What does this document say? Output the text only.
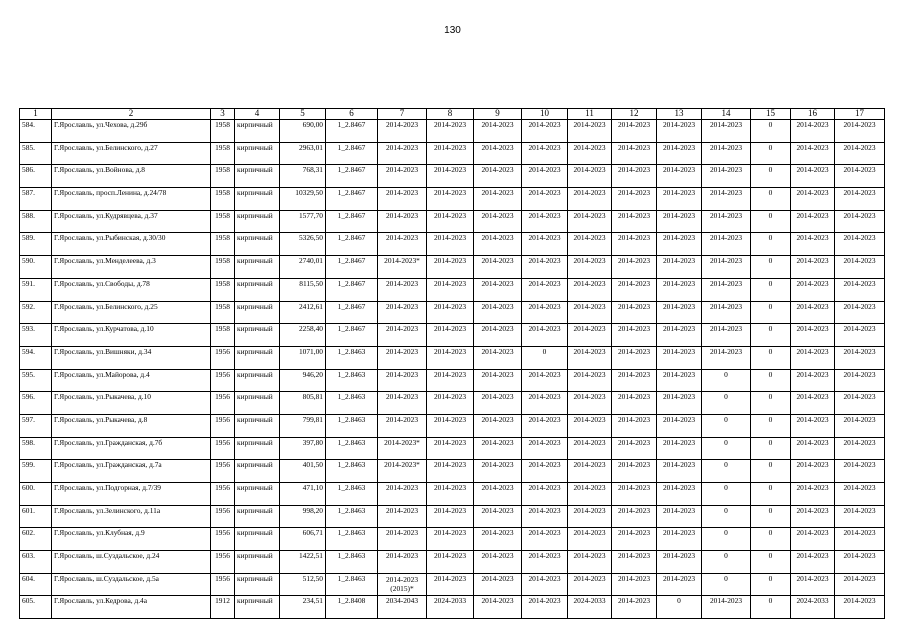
130
1	2	3	4	5	6	7	8	9	10	11	12	13	14	15	16	17
584.	Г.Ярославль, ул.Чехова, д.29б	1958	кирпичный	690,00	1_2.8467	2014-2023	2014-2023	2014-2023	2014-2023	2014-2023	2014-2023	2014-2023	2014-2023	0	2014-2023	2014-2023
585.	Г.Ярославль, ул.Белинского, д.27	1958	кирпичный	2963,01	1_2.8467	2014-2023	2014-2023	2014-2023	2014-2023	2014-2023	2014-2023	2014-2023	2014-2023	0	2014-2023	2014-2023
586.	Г.Ярославль, ул.Войнова, д.8	1958	кирпичный	768,31	1_2.8467	2014-2023	2014-2023	2014-2023	2014-2023	2014-2023	2014-2023	2014-2023	2014-2023	0	2014-2023	2014-2023
587.	Г.Ярославль, просп.Ленина, д.24/78	1958	кирпичный	10329,50	1_2.8467	2014-2023	2014-2023	2014-2023	2014-2023	2014-2023	2014-2023	2014-2023	2014-2023	0	2014-2023	2014-2023
588.	Г.Ярославль, ул.Кудрявцева, д.37	1958	кирпичный	1577,70	1_2.8467	2014-2023	2014-2023	2014-2023	2014-2023	2014-2023	2014-2023	2014-2023	2014-2023	0	2014-2023	2014-2023
589.	Г.Ярославль, ул.Рыбинская, д.30/30	1958	кирпичный	5326,50	1_2.8467	2014-2023	2014-2023	2014-2023	2014-2023	2014-2023	2014-2023	2014-2023	2014-2023	0	2014-2023	2014-2023
590.	Г.Ярославль, ул.Менделеева, д.3	1958	кирпичный	2740,01	1_2.8467	2014-2023*	2014-2023	2014-2023	2014-2023	2014-2023	2014-2023	2014-2023	2014-2023	0	2014-2023	2014-2023
591.	Г.Ярославль, ул.Свободы, д.78	1958	кирпичный	8115,50	1_2.8467	2014-2023	2014-2023	2014-2023	2014-2023	2014-2023	2014-2023	2014-2023	2014-2023	0	2014-2023	2014-2023
592.	Г.Ярославль, ул.Белинского, д.25	1958	кирпичный	2412,61	1_2.8467	2014-2023	2014-2023	2014-2023	2014-2023	2014-2023	2014-2023	2014-2023	2014-2023	0	2014-2023	2014-2023
593.	Г.Ярославль, ул.Курчатова, д.10	1958	кирпичный	2258,40	1_2.8467	2014-2023	2014-2023	2014-2023	2014-2023	2014-2023	2014-2023	2014-2023	2014-2023	0	2014-2023	2014-2023
594.	Г.Ярославль, ул.Вишняки, д.34	1956	кирпичный	1071,00	1_2.8463	2014-2023	2014-2023	2014-2023	0	2014-2023	2014-2023	2014-2023	2014-2023	0	2014-2023	2014-2023
595.	Г.Ярославль, ул.Майорова, д.4	1956	кирпичный	946,20	1_2.8463	2014-2023	2014-2023	2014-2023	2014-2023	2014-2023	2014-2023	2014-2023	0	0	2014-2023	2014-2023
596.	Г.Ярославль, ул.Рыкачева, д.10	1956	кирпичный	805,81	1_2.8463	2014-2023	2014-2023	2014-2023	2014-2023	2014-2023	2014-2023	2014-2023	0	0	2014-2023	2014-2023
597.	Г.Ярославль, ул.Рыкачева, д.8	1956	кирпичный	799,81	1_2.8463	2014-2023	2014-2023	2014-2023	2014-2023	2014-2023	2014-2023	2014-2023	0	0	2014-2023	2014-2023
598.	Г.Ярославль, ул.Гражданская, д.7б	1956	кирпичный	397,80	1_2.8463	2014-2023*	2014-2023	2014-2023	2014-2023	2014-2023	2014-2023	2014-2023	0	0	2014-2023	2014-2023
599.	Г.Ярославль, ул.Гражданская, д.7а	1956	кирпичный	401,50	1_2.8463	2014-2023*	2014-2023	2014-2023	2014-2023	2014-2023	2014-2023	2014-2023	0	0	2014-2023	2014-2023
600.	Г.Ярославль, ул.Подгорная, д.7/39	1956	кирпичный	471,10	1_2.8463	2014-2023	2014-2023	2014-2023	2014-2023	2014-2023	2014-2023	2014-2023	0	0	2014-2023	2014-2023
601.	Г.Ярославль, ул.Зелинского, д.11а	1956	кирпичный	998,20	1_2.8463	2014-2023	2014-2023	2014-2023	2014-2023	2014-2023	2014-2023	2014-2023	0	0	2014-2023	2014-2023
602.	Г.Ярославль, ул.Клубная, д.9	1956	кирпичный	606,71	1_2.8463	2014-2023	2014-2023	2014-2023	2014-2023	2014-2023	2014-2023	2014-2023	0	0	2014-2023	2014-2023
603.	Г.Ярославль, ш.Суздальское, д.24	1956	кирпичный	1422,51	1_2.8463	2014-2023	2014-2023	2014-2023	2014-2023	2014-2023	2014-2023	2014-2023	0	0	2014-2023	2014-2023
604.	Г.Ярославль, ш.Суздальское, д.5а	1956	кирпичный	512,50	1_2.8463	2014-2023 (2015)*	2014-2023	2014-2023	2014-2023	2014-2023	2014-2023	2014-2023	0	0	2014-2023	2014-2023
605.	Г.Ярославль, ул.Кедрова, д.4а	1912	кирпичный	234,51	1_2.8408	2034-2043	2024-2033	2014-2023	2014-2023	2024-2033	2014-2023	0	2014-2023	0	2024-2033	2014-2023
